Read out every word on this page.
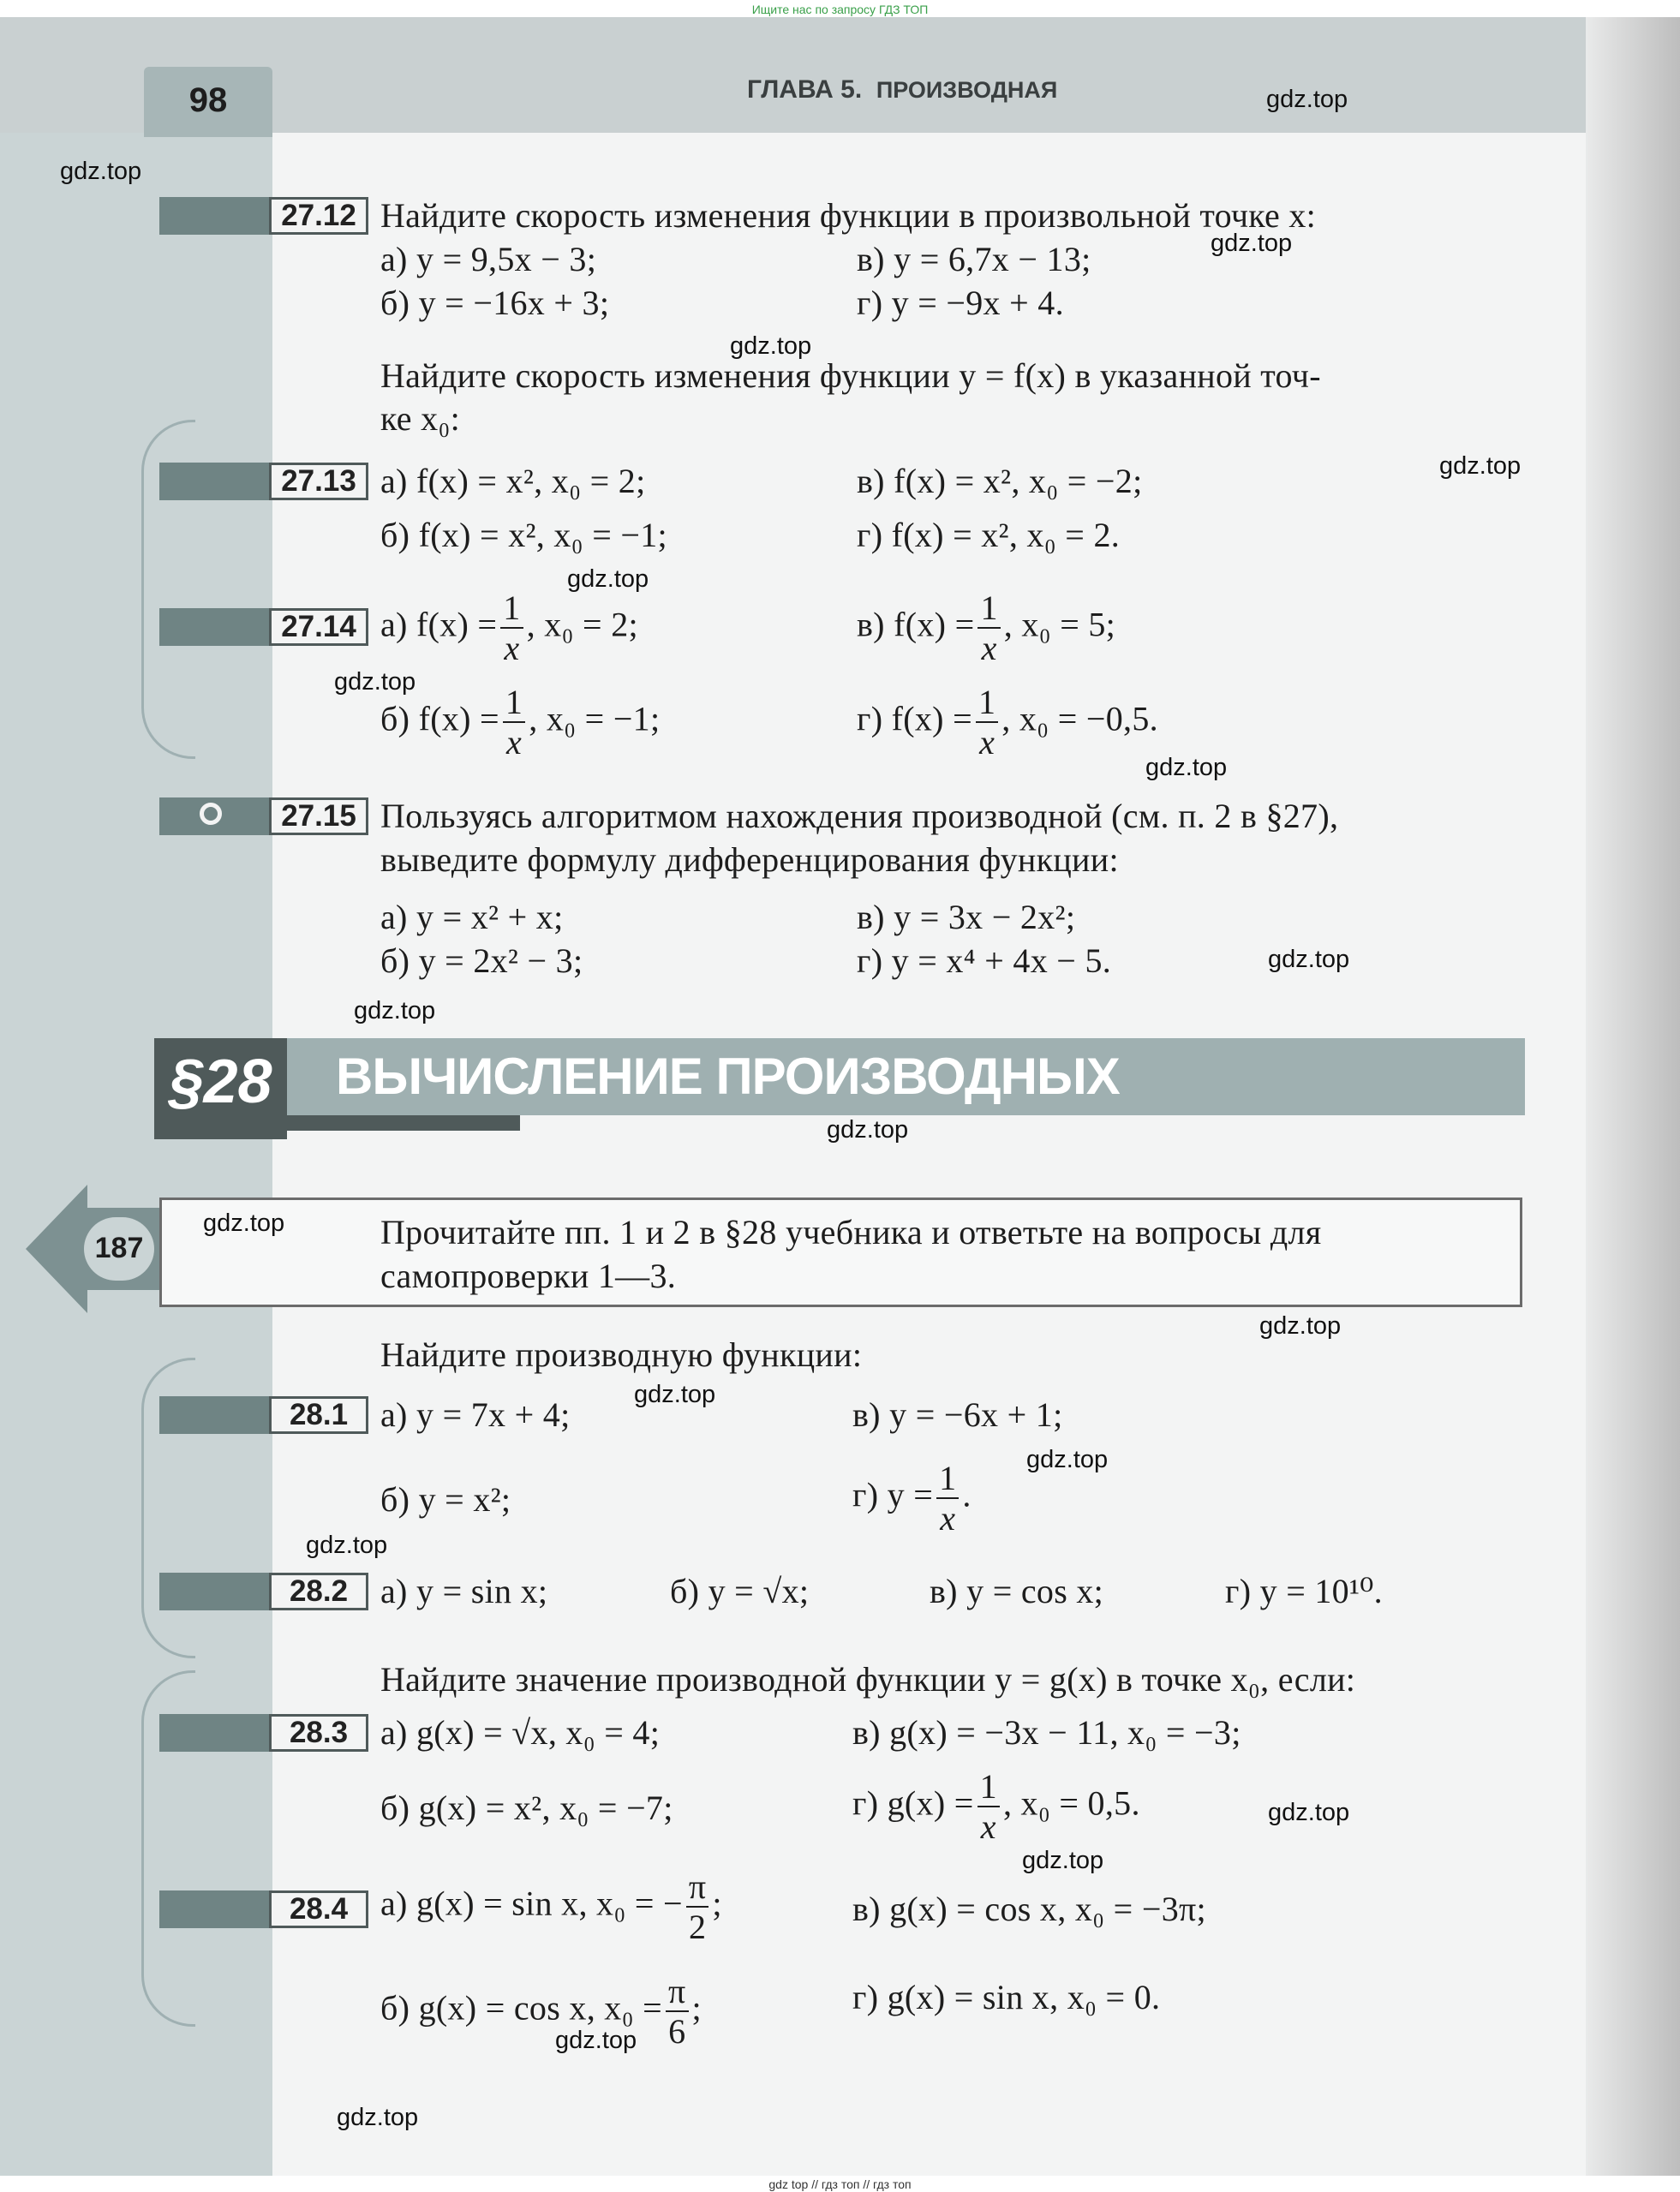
Ищите нас по запросу ГДЗ ТОП
gdz top // гдз топ // гдз топ
98	ГЛАВА 5. ПРОИЗВОДНАЯ
27.12 Найдите скорость изменения функции в произвольной точке x:
а) y = 9,5x − 3;	в) y = 6,7x − 13;
б) y = −16x + 3;	г) y = −9x + 4.
Найдите скорость изменения функции y = f(x) в указанной точ-
ке x₀:
27.13 а) f(x) = x², x₀ = 2;	в) f(x) = x², x₀ = −2;
б) f(x) = x², x₀ = −1;	г) f(x) = x², x₀ = 2.
27.14 а) $f(x) = \frac{1}{x}$ , x₀ = 2;	в) $f(x) = \frac{1}{x}$ , x₀ = 5;
б) $f(x) = \frac{1}{x}$ , x₀ = −1;	г) $f(x) = \frac{1}{x}$ , x₀ = −0,5.
27.15 Пользуясь алгоритмом нахождения производной (см. п. 2 в §27),
выведите формулу дифференцирования функции:
а) y = x² + x;	в) y = 3x − 2x²;
б) y = 2x² − 3;	г) y = x⁴ + 4x − 5.
§28 ВЫЧИСЛЕНИЕ ПРОИЗВОДНЫХ
187	Прочитайте пп. 1 и 2 в §28 учебника и ответьте на вопросы для
самопроверки 1—3.
Найдите производную функции:
28.1 а) y = 7x + 4;	в) y = −6x + 1;
б) y = x²;	г) $y = \frac{1}{x}$ .
28.2 а) y = sin x;	б) y = √x;	в) y = cos x;	г) y = 10¹⁰.
Найдите значение производной функции y = g(x) в точке x₀, если:
28.3 а) g(x) = √x, x₀ = 4;	в) g(x) = −3x − 11, x₀ = −3;
б) g(x) = x², x₀ = −7;	г) $g(x) = \frac{1}{x}$ , x₀ = 0,5.
28.4 а) g(x) = sin x, x₀ = − $\frac{\pi}{2}$ ;	в) g(x) = cos x, x₀ = −3π;
б) g(x) = cos x, $x_0 = \frac{\pi}{6}$ ;	г) g(x) = sin x, x₀ = 0.
gdz.top
gdz.top
gdz.top
gdz.top
gdz.top
gdz.top
gdz.top
gdz.top
gdz.top
gdz.top
gdz.top
gdz.top
gdz.top
gdz.top
gdz.top
gdz.top
gdz.top
gdz.top
gdz.top
gdz.top
